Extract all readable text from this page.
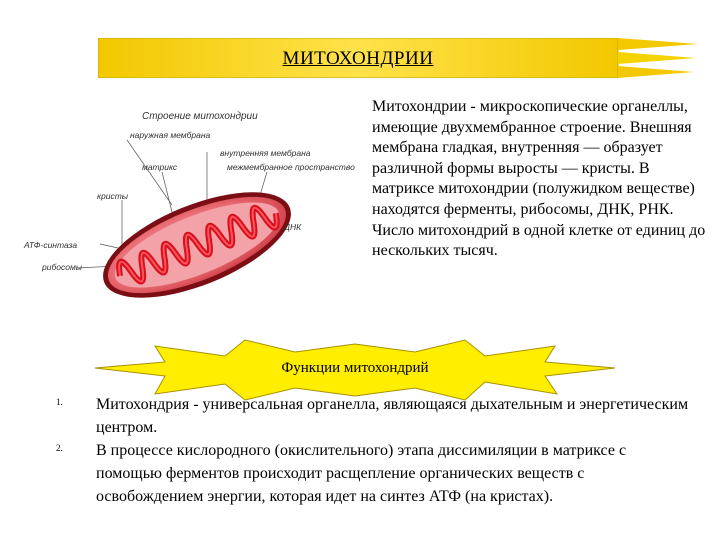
МИТОХОНДРИИ
Строение митохондрии
наружная мембрана
внутренняя мембрана
матрикс	межмембранное пространство
кристы
ДНК
АТФ-синтаза
рибосомы
Митохондрии - микроскопические органеллы, имеющие двухмембранное строение. Внешняя мембрана гладкая, внутренняя — образует различной формы выросты — кристы. В матриксе митохондрии (полужидком веществе) находятся ферменты, рибосомы, ДНК, РНК. Число митохондрий в одной клетке от единиц до нескольких тысяч.
Функции митохондрий
1. Митохондрия - универсальная органелла, являющаяся дыхательным и энергетическим центром.
2. В процессе кислородного (окислительного) этапа диссимиляции в матриксе с помощью ферментов происходит расщепление органических веществ с освобождением энергии, которая идет на синтез АТФ (на кристах).
